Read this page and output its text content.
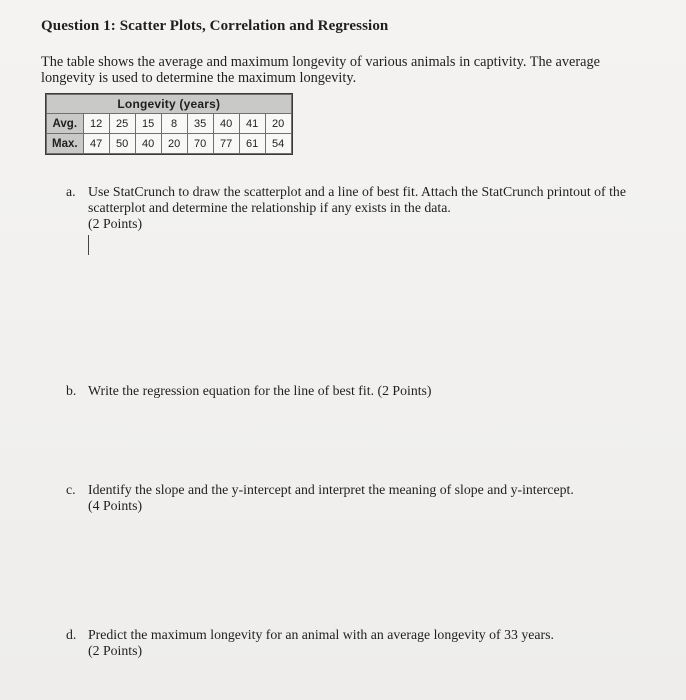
Question 1: Scatter Plots, Correlation and Regression
The table shows the average and maximum longevity of various animals in captivity. The average longevity is used to determine the maximum longevity.
Longevity (years)								
Avg.	12	25	15	8	35	40	41	20
Max.	47	50	40	20	70	77	61	54
a. Use StatCrunch to draw the scatterplot and a line of best fit. Attach the StatCrunch printout of the scatterplot and determine the relationship if any exists in the data.
(2 Points)
b. Write the regression equation for the line of best fit. (2 Points)
c. Identify the slope and the y-intercept and interpret the meaning of slope and y-intercept.
(4 Points)
d. Predict the maximum longevity for an animal with an average longevity of 33 years.
(2 Points)
